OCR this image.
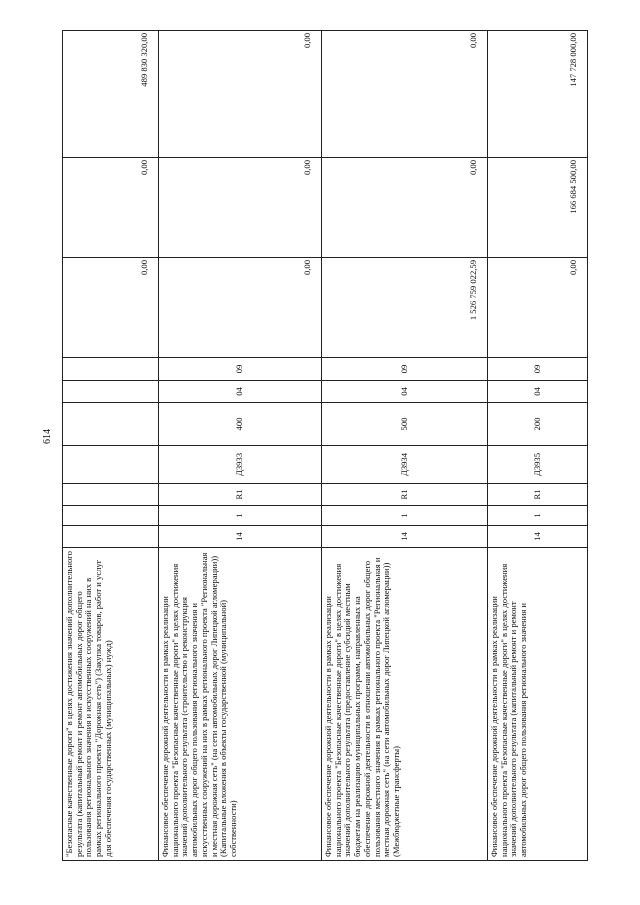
614
"Безопасные качественные дороги" в целях достижения значений дополнительного результата (капитальный ремонт и ремонт автомобильных дорог общего пользования регионального значения и искусственных сооружений на них в рамках регионального проекта "Дорожная сеть") (Закупка товаров, работ и услуг для обеспечения государственных (муниципальных) нужд)								0,00	0,00	489 830 320,00
Финансовое обеспечение дорожной деятельности в рамках реализации национального проекта "Безопасные качественные дороги" в целях достижения значений дополнительного результата (строительство и реконструкция автомобильных дорог общего пользования регионального значения и искусственных сооружений на них в рамках регионального проекта "Региональная и местная дорожная сеть" (на сети автомобильных дорог Липецкой агломерации)) (Капитальные вложения в объекты государственной (муниципальной) собственности)	14	1	R1	Д3933	400	04	09	0,00	0,00	0,00
Финансовое обеспечение дорожной деятельности в рамках реализации национального проекта "Безопасные качественные дороги" в целях достижения значений дополнительного результата (предоставление субсидий местным бюджетам на реализацию муниципальных программ, направленных на обеспечение дорожной деятельности в отношении автомобильных дорог общего пользования местного значения в рамках регионального проекта "Региональная и местная дорожная сеть" (на сети автомобильных дорог Липецкой агломерации)) (Межбюджетные трансферты)	14	1	R1	Д3934	500	04	09	1 526 759 022,59	0,00	0,00
Финансовое обеспечение дорожной деятельности в рамках реализации национального проекта "Безопасные качественные дороги" в целях достижения значений дополнительного результата (капитальный ремонт и ремонт автомобильных дорог общего пользования регионального значения и	14	1	R1	Д3935	200	04	09	0,00	166 684 500,00	147 728 000,00
